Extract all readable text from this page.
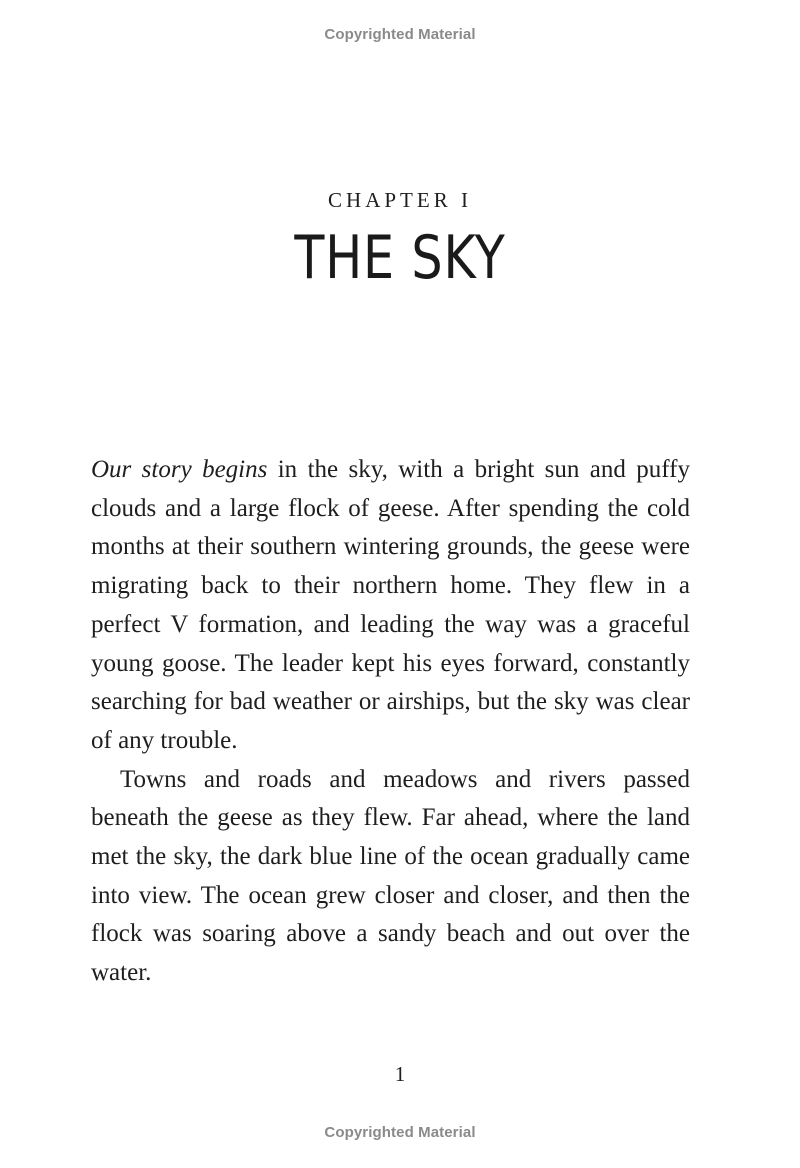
Copyrighted Material
CHAPTER I
THE SKY

Our story begins in the sky, with a bright sun and puffy clouds and a large flock of geese. After spending the cold months at their southern wintering grounds, the geese were migrating back to their northern home. They flew in a perfect V formation, and leading the way was a graceful young goose. The leader kept his eyes forward, constantly searching for bad weather or airships, but the sky was clear of any trouble.

Towns and roads and meadows and rivers passed beneath the geese as they flew. Far ahead, where the land met the sky, the dark blue line of the ocean gradually came into view. The ocean grew closer and closer, and then the flock was soaring above a sandy beach and out over the water.

1
Copyrighted Material
